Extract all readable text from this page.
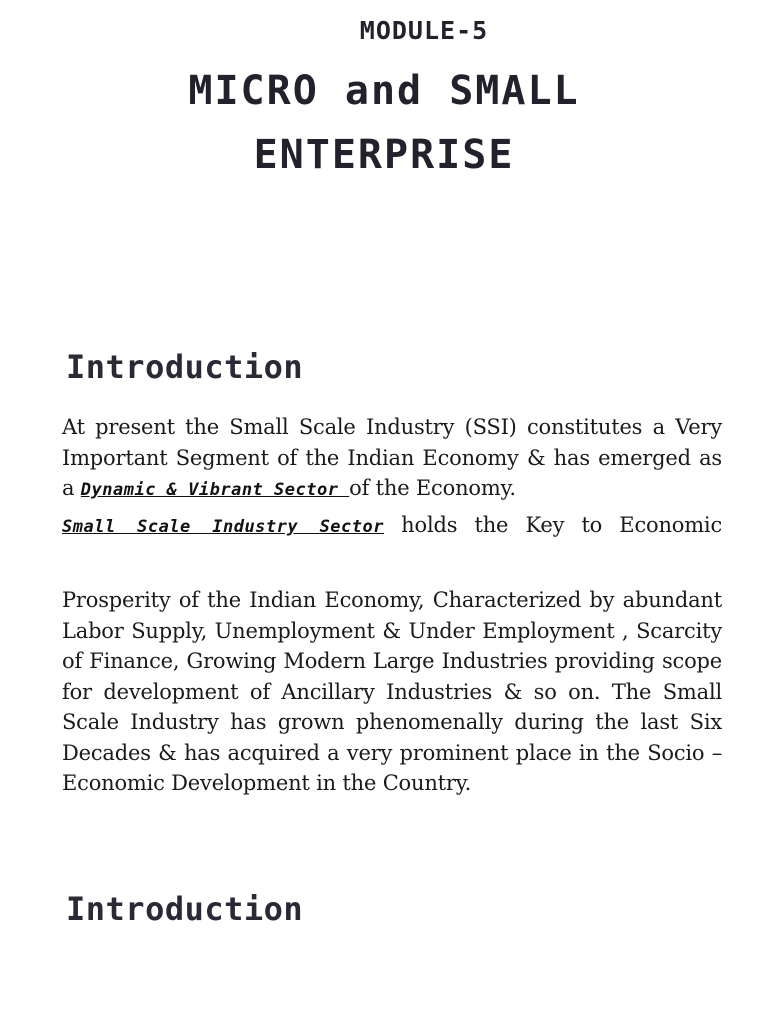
MODULE-5
MICRO and SMALL
ENTERPRISE
Introduction

At present the Small Scale Industry (SSI) constitutes a Very Important Segment of the Indian Economy & has emerged as a Dynamic & Vibrant Sector of the Economy.

Small Scale Industry Sector holds the Key to Economic

Prosperity of the Indian Economy, Characterized by abundant Labor Supply, Unemployment & Under Employment , Scarcity of Finance, Growing Modern Large Industries providing scope for development of Ancillary Industries & so on. The Small Scale Industry has grown phenomenally during the last Six Decades & has acquired a very prominent place in the Socio – Economic Development in the Country.

Introduction
